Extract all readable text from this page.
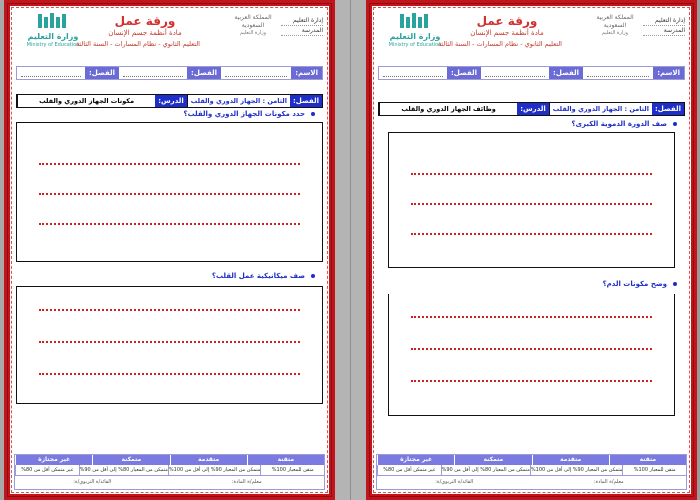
وزارة التعليم
Ministry of Education
ورقة عمل
مادة أنظمة جسم الإنسان
التعليم الثانوي - نظام المسارات - السنة الثالثة
المملكة العربية السعودية
وزارة التعليم
إدارة التعليم
المدرسة
الاسم:
الفصل:
الفصل:
الفصل:
الثامن : الجهاز الدوري والقلب
الدرس:
مكونات الجهاز الدوري والقلب
حدد مكونات الجهاز الدوري والقلب؟
صف ميكانيكية عمل القلب؟
متقنة
متقدمة
متمكنة
غير مجتازة
متقن للمعيار 100%
متمكن من المعيار 90% إلى أقل من 100%
متمكن من المعيار 80% إلى أقل من 90%
غير متمكن أقل من 80%
معلم/ة المادة:
القائد/ة التربوي/ة:
وزارة التعليم
Ministry of Education
ورقة عمل
مادة أنظمة جسم الإنسان
التعليم الثانوي - نظام المسارات - السنة الثالثة
المملكة العربية السعودية
وزارة التعليم
إدارة التعليم
المدرسة
الاسم:
الفصل:
الفصل:
الفصل:
الثامن : الجهاز الدوري والقلب
الدرس:
وظائف الجهاز الدوري والقلب
صف الدورة الدموية الكبرى؟
وضح مكونات الدم؟
متقنة
متقدمة
متمكنة
غير مجتازة
متقن للمعيار 100%
متمكن من المعيار 90% إلى أقل من 100%
متمكن من المعيار 80% إلى أقل من 90%
غير متمكن أقل من 80%
معلم/ة المادة:
القائد/ة التربوي/ة:
